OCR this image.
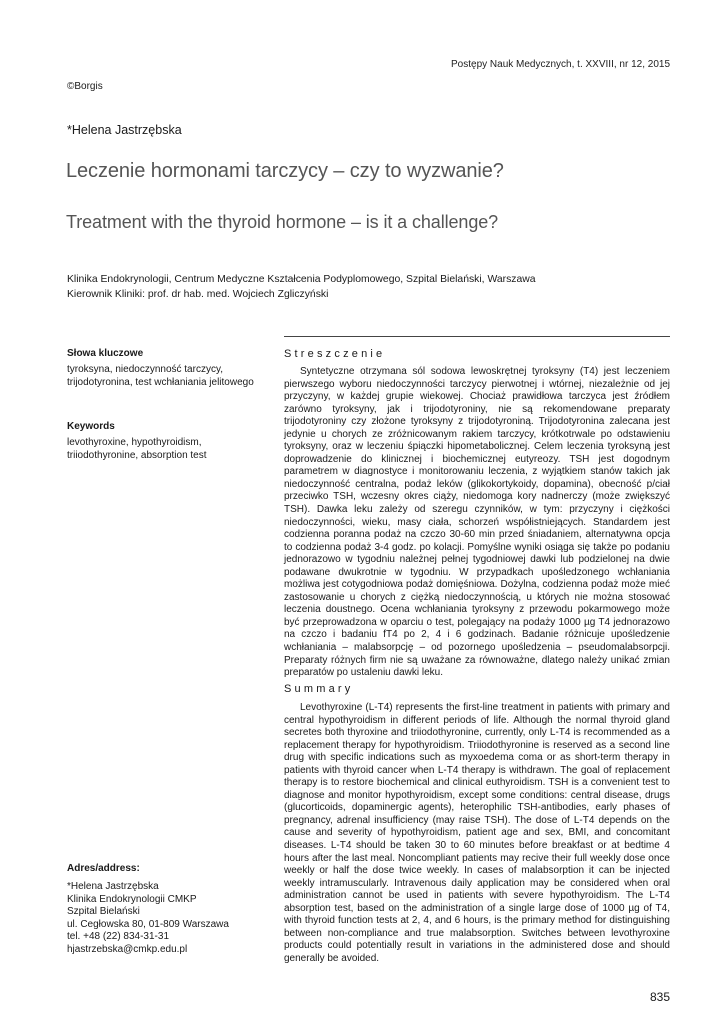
Postępy Nauk Medycznych, t. XXVIII, nr 12, 2015
©Borgis
*Helena Jastrzębska
Leczenie hormonami tarczycy – czy to wyzwanie?
Treatment with the thyroid hormone – is it a challenge?
Klinika Endokrynologii, Centrum Medyczne Kształcenia Podyplomowego, Szpital Bielański, Warszawa
Kierownik Kliniki: prof. dr hab. med. Wojciech Zgliczyński
Słowa kluczowe
tyroksyna, niedoczynność tarczycy, trijodotyronina, test wchłaniania jelitowego
Keywords
levothyroxine, hypothyroidism, triiodothyronine, absorption test
Adres/address:
*Helena Jastrzębska
Klinika Endokrynologii CMKP
Szpital Bielański
ul. Cegłowska 80, 01-809 Warszawa
tel. +48 (22) 834-31-31
hjastrzebska@cmkp.edu.pl
Streszczenie

Syntetyczne otrzymana sól sodowa lewoskrętnej tyroksyny (T4) jest leczeniem pierwszego wyboru niedoczynności tarczycy pierwotnej i wtórnej, niezależnie od jej przyczyny, w każdej grupie wiekowej. Chociaż prawidłowa tarczyca jest źródłem zarówno tyroksyny, jak i trijodotyroniny, nie są rekomendowane preparaty trijodotyroniny czy złożone tyroksyny z trijodotyroniną. Trijodotyronina zalecana jest jedynie u chorych ze zróżnicowanym rakiem tarczycy, krótkotrwale po odstawieniu tyroksyny, oraz w leczeniu śpiączki hipometabolicznej. Celem leczenia tyroksyną jest doprowadzenie do klinicznej i biochemicznej eutyreozy. TSH jest dogodnym parametrem w diagnostyce i monitorowaniu leczenia, z wyjątkiem stanów takich jak niedoczynność centralna, podaż leków (glikokortykoidy, dopamina), obecność p/ciał przeciwko TSH, wczesny okres ciąży, niedomoga kory nadnerczy (może zwiększyć TSH). Dawka leku zależy od szeregu czynników, w tym: przyczyny i ciężkości niedoczynności, wieku, masy ciała, schorzeń współistniejących. Standardem jest codzienna poranna podaż na czczo 30-60 min przed śniadaniem, alternatywna opcja to codzienna podaż 3-4 godz. po kolacji. Pomyślne wyniki osiąga się także po podaniu jednorazowo w tygodniu należnej pełnej tygodniowej dawki lub podzielonej na dwie podawane dwukrotnie w tygodniu. W przypadkach upośledzonego wchłaniania możliwa jest cotygodniowa podaż domięśniowa. Dożylna, codzienna podaż może mieć zastosowanie u chorych z ciężką niedoczynnością, u których nie można stosować leczenia doustnego. Ocena wchłaniania tyroksyny z przewodu pokarmowego może być przeprowadzona w oparciu o test, polegający na podaży 1000 µg T4 jednorazowo na czczo i badaniu fT4 po 2, 4 i 6 godzinach. Badanie różnicuje upośledzenie wchłaniania – malabsorpcję – od pozornego upośledzenia – pseudomalabsorpcji. Preparaty różnych firm nie są uważane za równoważne, dlatego należy unikać zmian preparatów po ustaleniu dawki leku.

Summary

Levothyroxine (L-T4) represents the first-line treatment in patients with primary and central hypothyroidism in different periods of life. Although the normal thyroid gland secretes both thyroxine and triiodothyronine, currently, only L-T4 is recommended as a replacement therapy for hypothyroidism. Triiodothyronine is reserved as a second line drug with specific indications such as myxoedema coma or as short-term therapy in patients with thyroid cancer when L-T4 therapy is withdrawn. The goal of replacement therapy is to restore biochemical and clinical euthyroidism. TSH is a convenient test to diagnose and monitor hypothyroidism, except some conditions: central disease, drugs (glucorticoids, dopaminergic agents), heterophilic TSH-antibodies, early phases of pregnancy, adrenal insufficiency (may raise TSH). The dose of L-T4 depends on the cause and severity of hypothyroidism, patient age and sex, BMI, and concomitant diseases. L-T4 should be taken 30 to 60 minutes before breakfast or at bedtime 4 hours after the last meal. Noncompliant patients may recive their full weekly dose once weekly or half the dose twice weekly. In cases of malabsorption it can be injected weekly intramuscularly. Intravenous daily application may be considered when oral administration cannot be used in patients with severe hypothyroidism. The L-T4 absorption test, based on the administration of a single large dose of 1000 µg of T4, with thyroid function tests at 2, 4, and 6 hours, is the primary method for distinguishing between non-compliance and true malabsorption. Switches between levothyroxine products could potentially result in variations in the administered dose and should generally be avoided.

835
